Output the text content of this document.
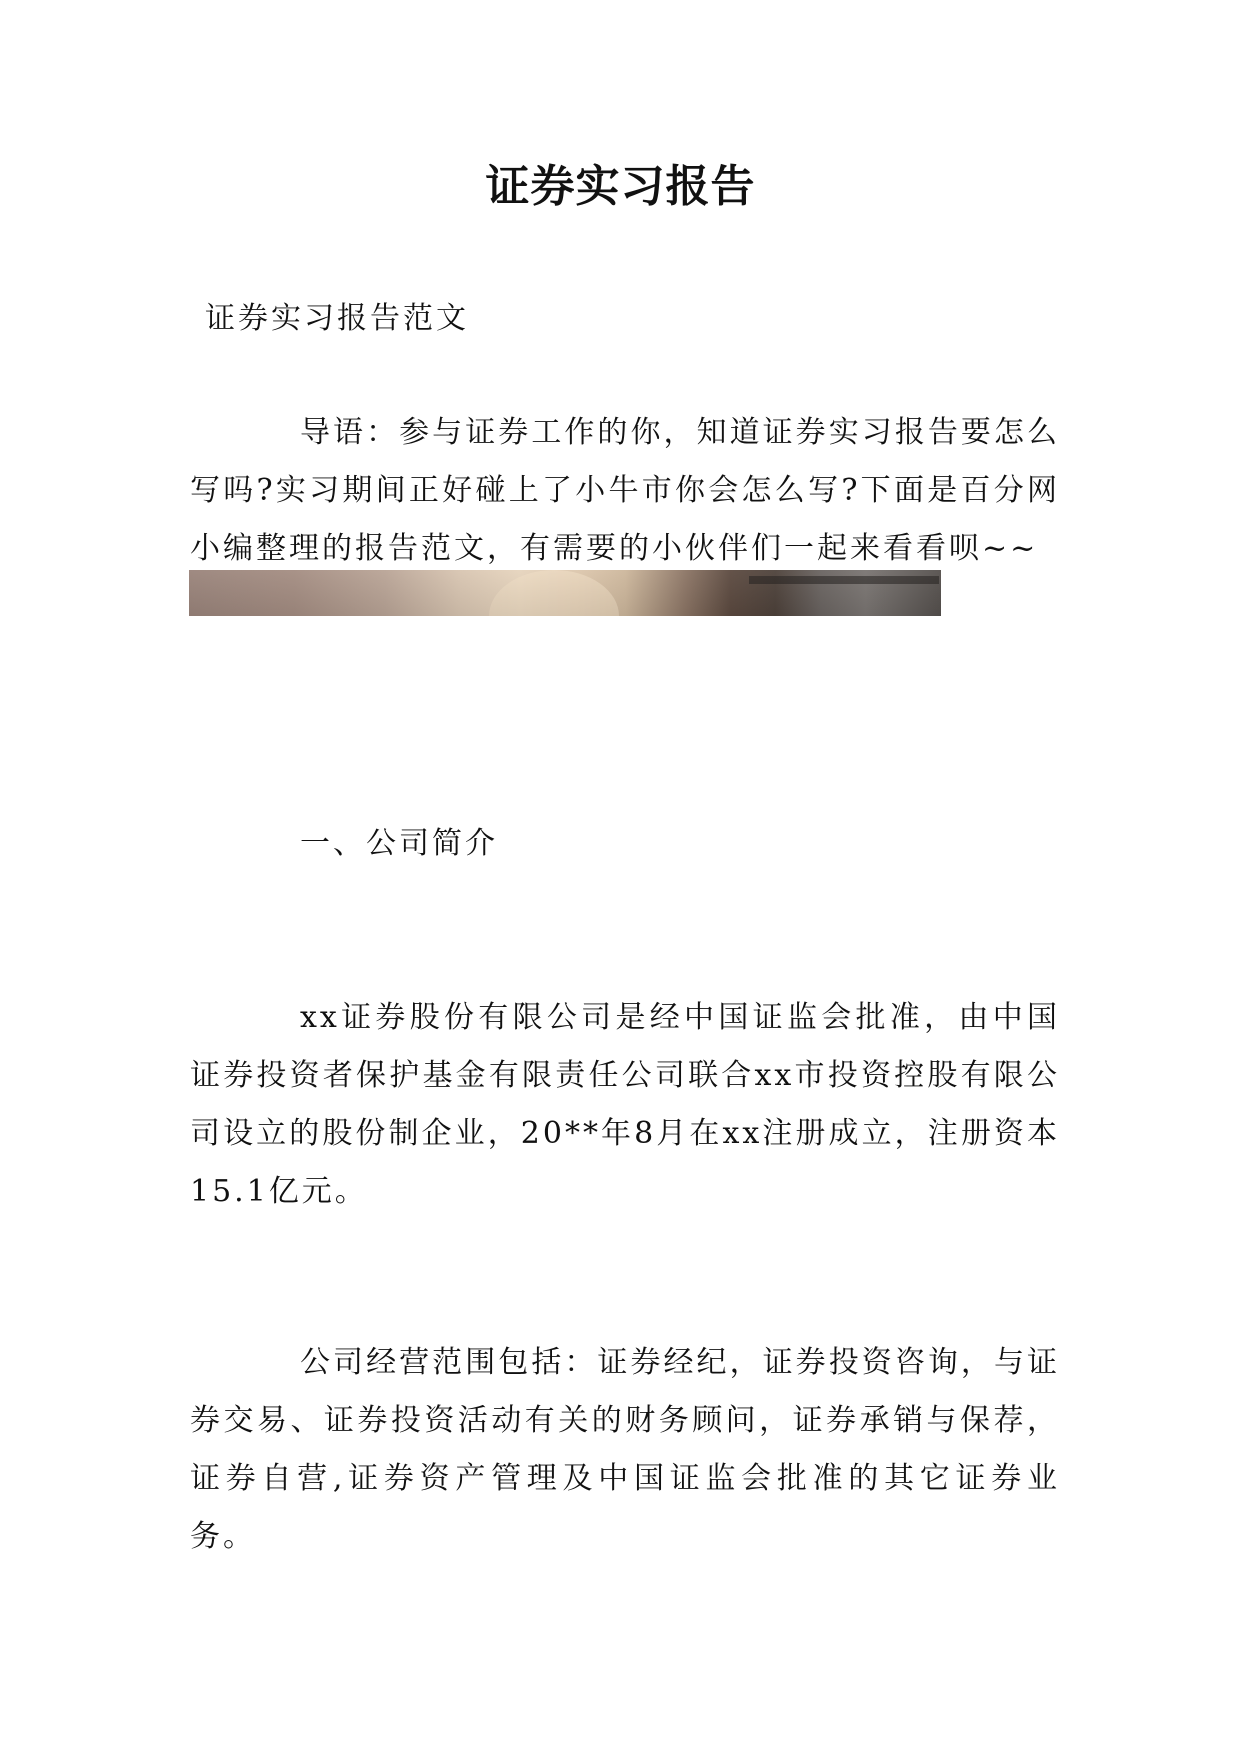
证券实习报告
证券实习报告范文
导语：参与证券工作的你，知道证券实习报告要怎么写吗?实习期间正好碰上了小牛市你会怎么写?下面是百分网小编整理的报告范文，有需要的小伙伴们一起来看看呗~~
一、公司简介
xx证券股份有限公司是经中国证监会批准，由中国证券投资者保护基金有限责任公司联合xx市投资控股有限公司设立的股份制企业，20**年8月在xx注册成立，注册资本15.1亿元。
公司经营范围包括：证券经纪，证券投资咨询，与证券交易、证券投资活动有关的财务顾问，证券承销与保荐，证券自营,证券资产管理及中国证监会批准的其它证券业务。
